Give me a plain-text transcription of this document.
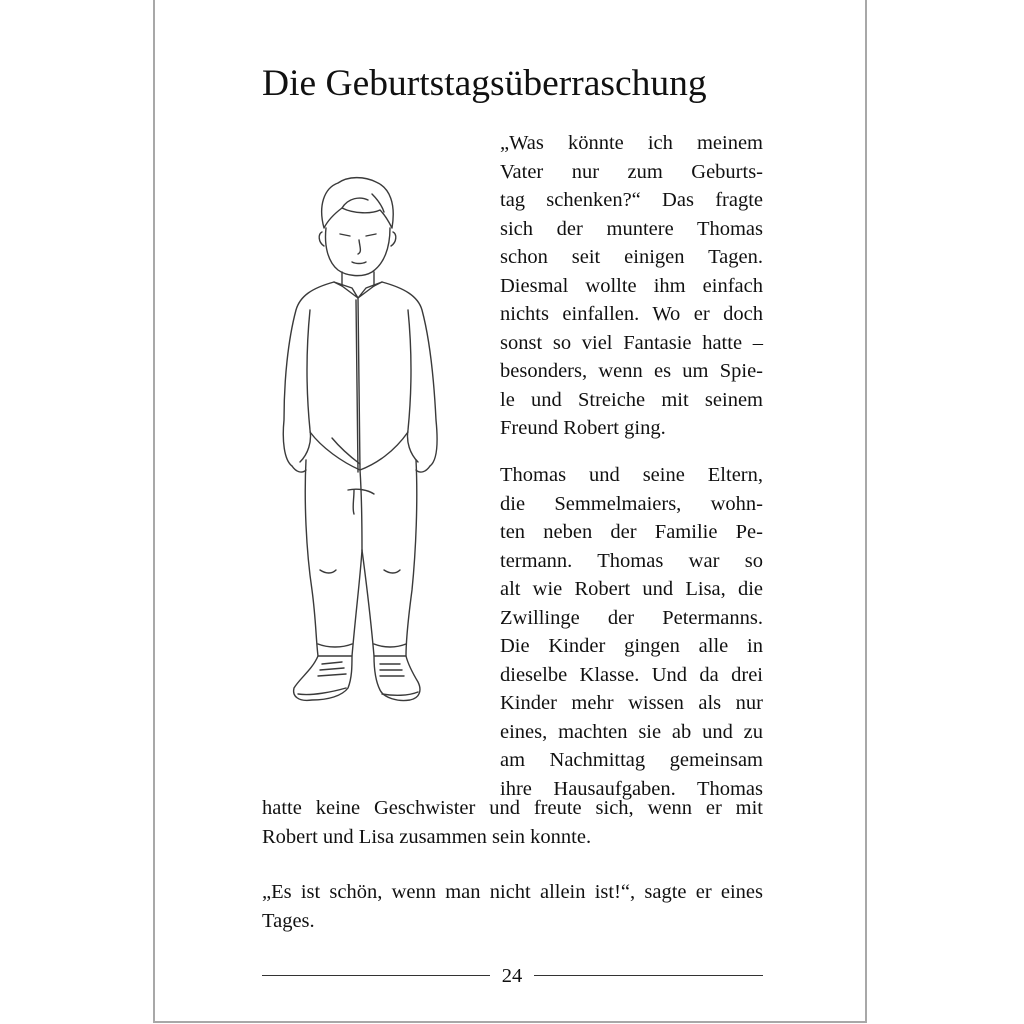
Die Geburtstagsüberraschung
„Was könnte ich meinem
Vater nur zum Geburts-
tag schenken?“ Das fragte
sich der muntere Thomas
schon seit einigen Tagen.
Diesmal wollte ihm einfach
nichts einfallen. Wo er doch
sonst so viel Fantasie hatte –
besonders, wenn es um Spie-
le und Streiche mit seinem
Freund Robert ging.
Thomas und seine Eltern,
die Semmelmaiers, wohn-
ten neben der Familie Pe-
termann. Thomas war so
alt wie Robert und Lisa, die
Zwillinge der Petermanns.
Die Kinder gingen alle in
dieselbe Klasse. Und da drei
Kinder mehr wissen als nur
eines, machten sie ab und zu
am Nachmittag gemeinsam
ihre Hausaufgaben. Thomas
hatte keine Geschwister und freute sich, wenn er mit
Robert und Lisa zusammen sein konnte.
„Es ist schön, wenn man nicht allein ist!“, sagte er eines
Tages.
24
